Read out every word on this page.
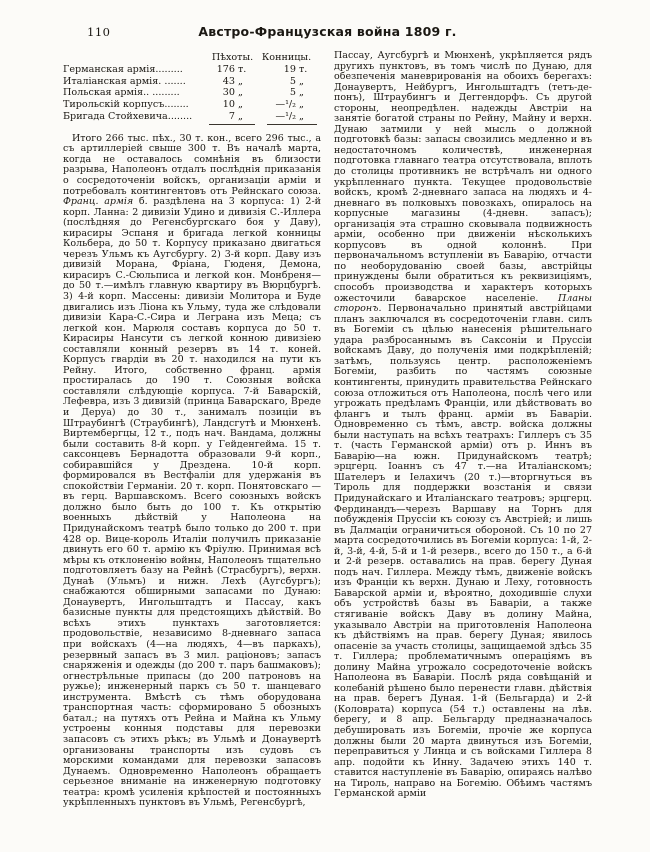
110	Австро-Французская война 1809 г.
Пѣхоты. Конницы.
Германская армія.........	176 т.	19 т.
Италіанская армія. .......	43 „	5 „
Польская армія.. .........	30 „	5 „
Тирольскій корпусъ........	10 „	—¹/₂ „
Бригада Стойхевича........	7 „	—¹/₂ „
Итого 266 тыс. пѣх., 30 т. кон., всего 296 тыс., а съ артиллеріей свыше 300 т. Въ началѣ марта, когда не оставалось сомнѣнія въ близости разрыва, Наполеонъ отдалъ послѣднія приказанія о сосредоточеніи войскъ, организаціи арміи и потребовалъ контингентовъ отъ Рейнскаго союза. Франц. армія б. раздѣлена на 3 корпуса: 1) 2-й корп. Ланна: 2 дивизіи Удино и дивизія С.-Иллера (послѣдняя до Регенсбургскаго боя у Даву), кирасиры Эспаня и бригада легкой конницы Кольбера, до 50 т. Корпусу приказано двигаться черезъ Ульмъ къ Аугсбургу. 2) 3-й корп. Даву изъ дивизій Морана, Фріана, Гюденя, Демона, кирасиръ С.-Сюльписа и легкой кон. Монбреня—до 50 т.—имѣлъ главную квартиру въ Вюрцбургѣ. 3) 4-й корп. Массены: дивизіи Молитора и Буде двигались изъ Ліона къ Ульму, туда же слѣдовали дивизіи Кара-С.-Сира и Леграна изъ Меца; съ легкой кон. Марюля составъ корпуса до 50 т. Кирасиры Нансути съ легкой конною дивизіею составляли конный резервъ въ 14 т. коней. Корпусъ гвардіи въ 20 т. находился на пути къ Рейну. Итого, собственно франц. армія простиралась до 190 т. Союзныя войска составляли слѣдующіе корпуса. 7-й Баварскій, Лефевра, изъ 3 дивизій (принца Баварскаго, Вреде и Деруа) до 30 т., занималъ позиціи въ Штраубингѣ (Страубингѣ), Ландсгутѣ и Мюнхенѣ. Виртембергцы, 12 т., подъ нач. Вандама, должны были составить 8-й корп. у Гейденгейма. 15 т. саксонцевъ Бернадотта образовали 9-й корп., собиравшійся у Дрездена. 10-й корп. формировался въ Вестфаліи для удержанія въ спокойствіи Германіи. 20 т. корп. Понятовскаго — въ герц. Варшавскомъ. Всего союзныхъ войскъ должно было быть до 100 т. Къ открытію военныхъ дѣйствій у Наполеона на Придунайскомъ театрѣ было только до 200 т. при 428 ор. Вице-король Италіи получилъ приказаніе двинуть его 60 т. армію къ Фріулю. Принимая всѣ мѣры къ отклоненію войны, Наполеонъ тщательно подготовляетъ базу на Рейнѣ (Страсбургъ), верхн. Дунаѣ (Ульмъ) и нижн. Лехѣ (Аугсбургъ); снабжаются обширными запасами по Дунаю: Донаувертъ, Ингольштадтъ и Пассау, какъ базисные пункты для предстоящихъ дѣйствій. Во всѣхъ этихъ пунктахъ заготовляется: продовольствіе, независимо 8-дневнаго запаса при войскахъ (4—на людяхъ, 4—въ паркахъ), резервный запасъ въ 3 мил. раціоновъ; запасъ снаряженія и одежды (до 200 т. паръ башмаковъ); огнестрѣльные припасы (до 200 патроновъ на ружье); инженерный паркъ съ 50 т. шанцеваго инструмента. Вмѣстѣ съ тѣмъ оборудована транспортная часть: сформировано 5 обозныхъ батал.; на путяхъ отъ Рейна и Майна къ Ульму устроены конныя подставы для перевозки запасовъ съ этихъ рѣкъ; въ Ульмѣ и Донаувертѣ организованы транспорты изъ судовъ съ морскими командами для перевозки запасовъ Дунаемъ. Одновременно Наполеонъ обращаетъ серьезное вниманіе на инженерную подготовку театра: кромѣ усиленія крѣпостей и постоянныхъ укрѣпленныхъ пунктовъ въ Ульмѣ, Регенсбургѣ,
Пассау, Аугсбургѣ и Мюнхенѣ, укрѣпляется рядъ другихъ пунктовъ, въ томъ числѣ по Дунаю, для обезпеченія маневрированія на обоихъ берегахъ: Донаувертъ, Нейбургъ, Ингольштадтъ (тетъ-де-понъ), Штраубингъ и Деггендорфъ. Съ другой стороны, неопредѣлен. надежды Австріи на занятіе богатой страны по Рейну, Майну и верхн. Дунаю затмили у ней мысль о должной подготовкѣ базы: запасы свозились медленно и въ недостаточномъ количествѣ, инженерная подготовка главнаго театра отсутствовала, вплоть до столицы противникъ не встрѣчалъ ни одного укрѣпленнаго пункта. Текущее продовольствіе войскъ, кромѣ 2-дневнаго запаса на людяхъ и 4-дневнаго въ полковыхъ повозкахъ, опиралось на корпусные магазины (4-дневн. запасъ); организація эта страшно сковывала подвижность арміи, особенно при движеніи нѣсколькихъ корпусовъ въ одной колоннѣ. При первоначальномъ вступленіи въ Баварію, отчасти по необорудованію своей базы, австрійцы принуждены были обратиться къ реквизиціямъ, способъ производства и характеръ которыхъ ожесточили баварское населеніе. Планы сторонъ. Первоначально принятый австрійцами планъ заключался въ сосредоточеніи главн. силъ въ Богеміи съ цѣлью нанесенія рѣшительнаго удара разбросаннымъ въ Саксоніи и Пруссіи войскамъ Даву, до полученія ими подкрѣпленій; затѣмъ, пользуясь центр. расположеніемъ Богеміи, разбить по частямъ союзные контингенты, принудить правительства Рейнскаго союза отложиться отъ Наполеона, послѣ чего или угрожать предѣламъ Франціи, или дѣйствовать во флангъ и тылъ франц. арміи въ Баваріи. Одновременно съ тѣмъ, австр. войска должны были наступать на всѣхъ театрахъ: Гиллеръ съ 35 т. (часть Германской арміи) отъ р. Иннъ въ Баварію—на южн. Придунайскомъ театрѣ; эрцгерц. Іоаннъ съ 47 т.—на Италіанскомъ; Шателеръ и Іелахичъ (20 т.)—вторгнуться въ Тироль для поддержки возстанія и связи Придунайскаго и Италіанскаго театровъ; эрцгерц. Фердинандъ—черезъ Варшаву на Торнъ для побужденія Пруссіи къ союзу съ Австріей; и лишь въ Далмаціи ограничиться обороной. Съ 10 по 27 марта сосредоточились въ Богеміи корпуса: 1-й, 2-й, 3-й, 4-й, 5-й и 1-й резерв., всего до 150 т., а 6-й и 2-й резерв. оставались на прав. берегу Дуная подъ нач. Гиллера. Между тѣмъ, движеніе войскъ изъ Франціи къ верхн. Дунаю и Леху, готовность Баварской арміи и, вѣроятно, доходившіе слухи объ устройствѣ базы въ Баваріи, а также стягиваніе войскъ Даву въ долину Майна, указывало Австріи на приготовленія Наполеона къ дѣйствіямъ на прав. берегу Дуная; явилось опасеніе за участь столицы, защищаемой здѣсь 35 т. Гиллера; проблематичнымъ операціямъ въ долину Майна угрожало сосредоточеніе войскъ Наполеона въ Баваріи. Послѣ ряда совѣщаній и колебаній рѣшено было перенести главн. дѣйствія на прав. берегъ Дуная. 1-й (Бельгарда) и 2-й (Коловрата) корпуса (54 т.) оставлены на лѣв. берегу, и 8 апр. Бельгарду предназначалось дебушировать изъ Богеміи, прочіе же корпуса должны были 20 марта двинуться изъ Богеміи, переправиться у Линца и съ войсками Гиллера 8 апр. подойти къ Инну. Задачею этихъ 140 т. ставится наступленіе въ Баварію, опираясь налѣво на Тироль, направо на Богемію. Обѣимъ частямъ Германской арміи
